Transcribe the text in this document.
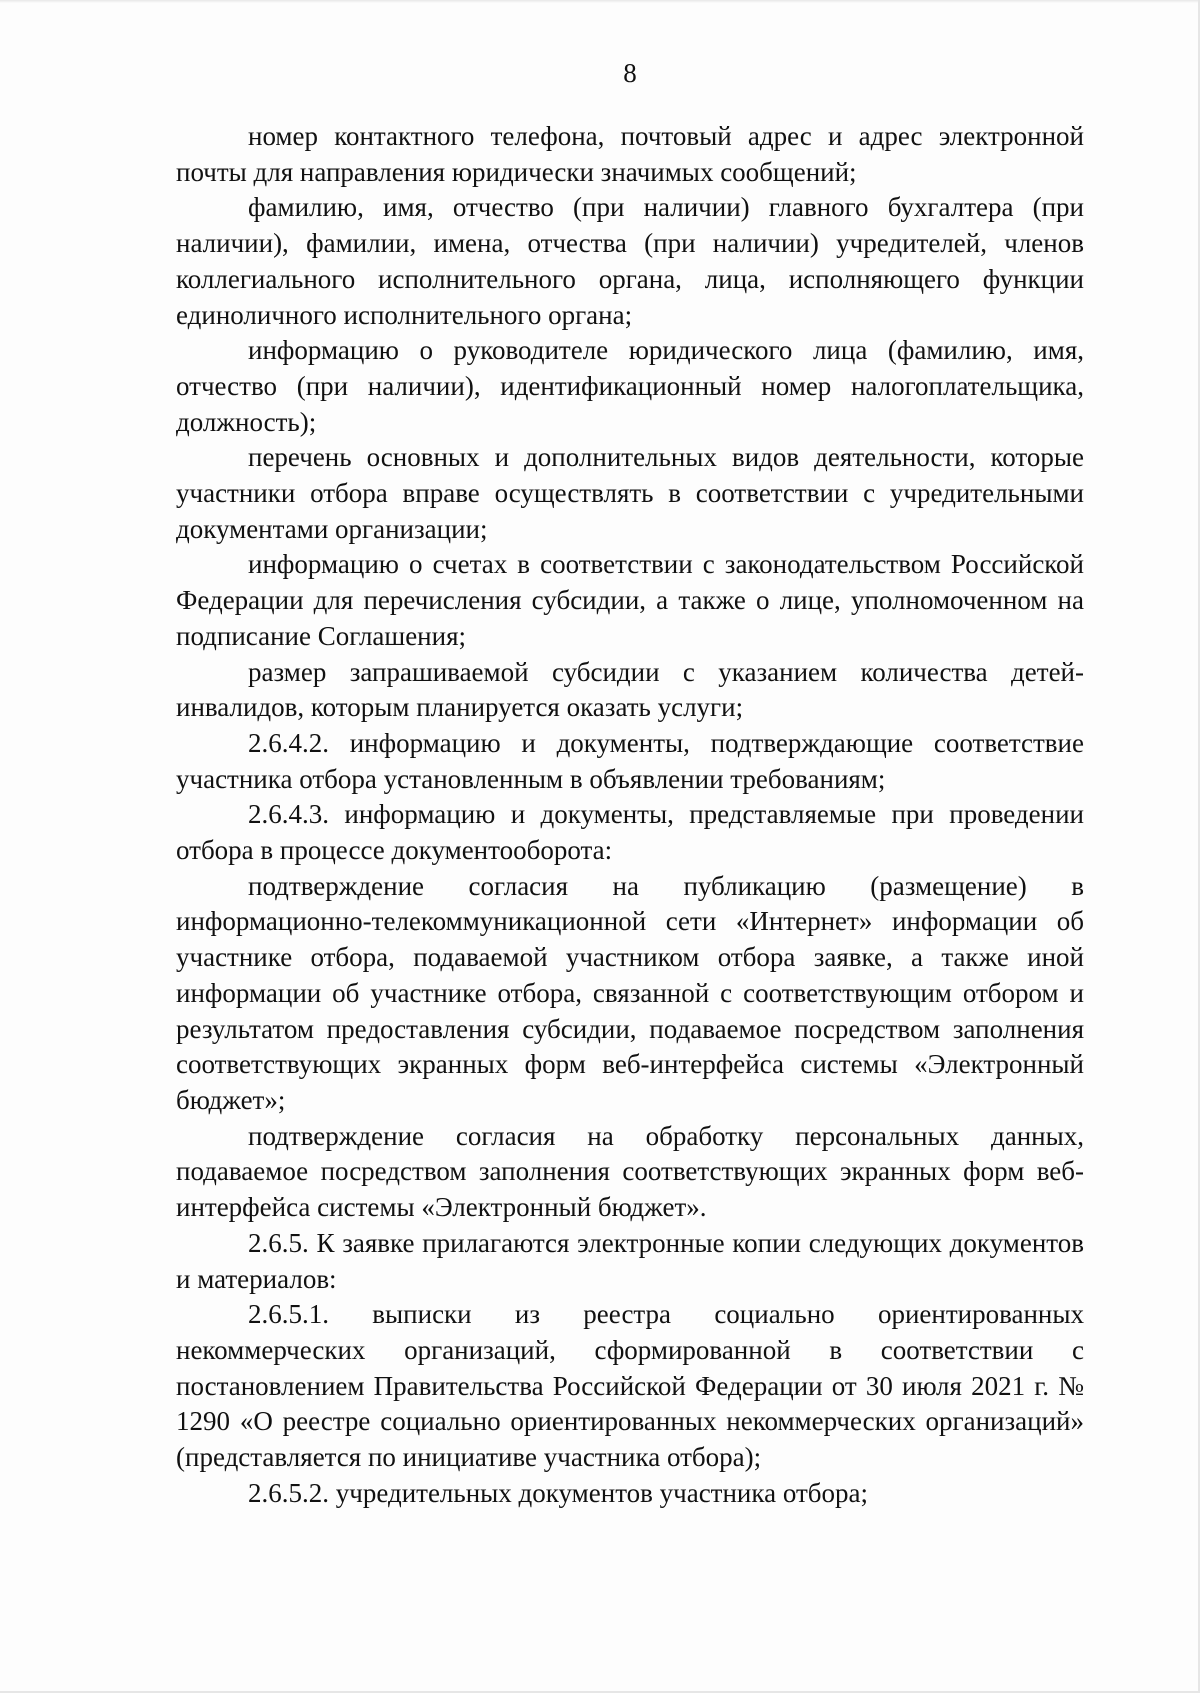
8

номер контактного телефона, почтовый адрес и адрес электронной почты для направления юридически значимых сообщений;

фамилию, имя, отчество (при наличии) главного бухгалтера (при наличии), фамилии, имена, отчества (при наличии) учредителей, членов коллегиального исполнительного органа, лица, исполняющего функции единоличного исполнительного органа;

информацию о руководителе юридического лица (фамилию, имя, отчество (при наличии), идентификационный номер налогоплательщика, должность);

перечень основных и дополнительных видов деятельности, которые участники отбора вправе осуществлять в соответствии с учредительными документами организации;

информацию о счетах в соответствии с законодательством Российской Федерации для перечисления субсидии, а также о лице, уполномоченном на подписание Соглашения;

размер запрашиваемой субсидии с указанием количества детей-инвалидов, которым планируется оказать услуги;

2.6.4.2. информацию и документы, подтверждающие соответствие участника отбора установленным в объявлении требованиям;

2.6.4.3. информацию и документы, представляемые при проведении отбора в процессе документооборота:

подтверждение согласия на публикацию (размещение) в информационно-телекоммуникационной сети «Интернет» информации об участнике отбора, подаваемой участником отбора заявке, а также иной информации об участнике отбора, связанной с соответствующим отбором и результатом предоставления субсидии, подаваемое посредством заполнения соответствующих экранных форм веб-интерфейса системы «Электронный бюджет»;

подтверждение согласия на обработку персональных данных, подаваемое посредством заполнения соответствующих экранных форм веб-интерфейса системы «Электронный бюджет».

2.6.5. К заявке прилагаются электронные копии следующих документов и материалов:

2.6.5.1. выписки из реестра социально ориентированных некоммерческих организаций, сформированной в соответствии с постановлением Правительства Российской Федерации от 30 июля 2021 г. № 1290 «О реестре социально ориентированных некоммерческих организаций» (представляется по инициативе участника отбора);

2.6.5.2. учредительных документов участника отбора;
